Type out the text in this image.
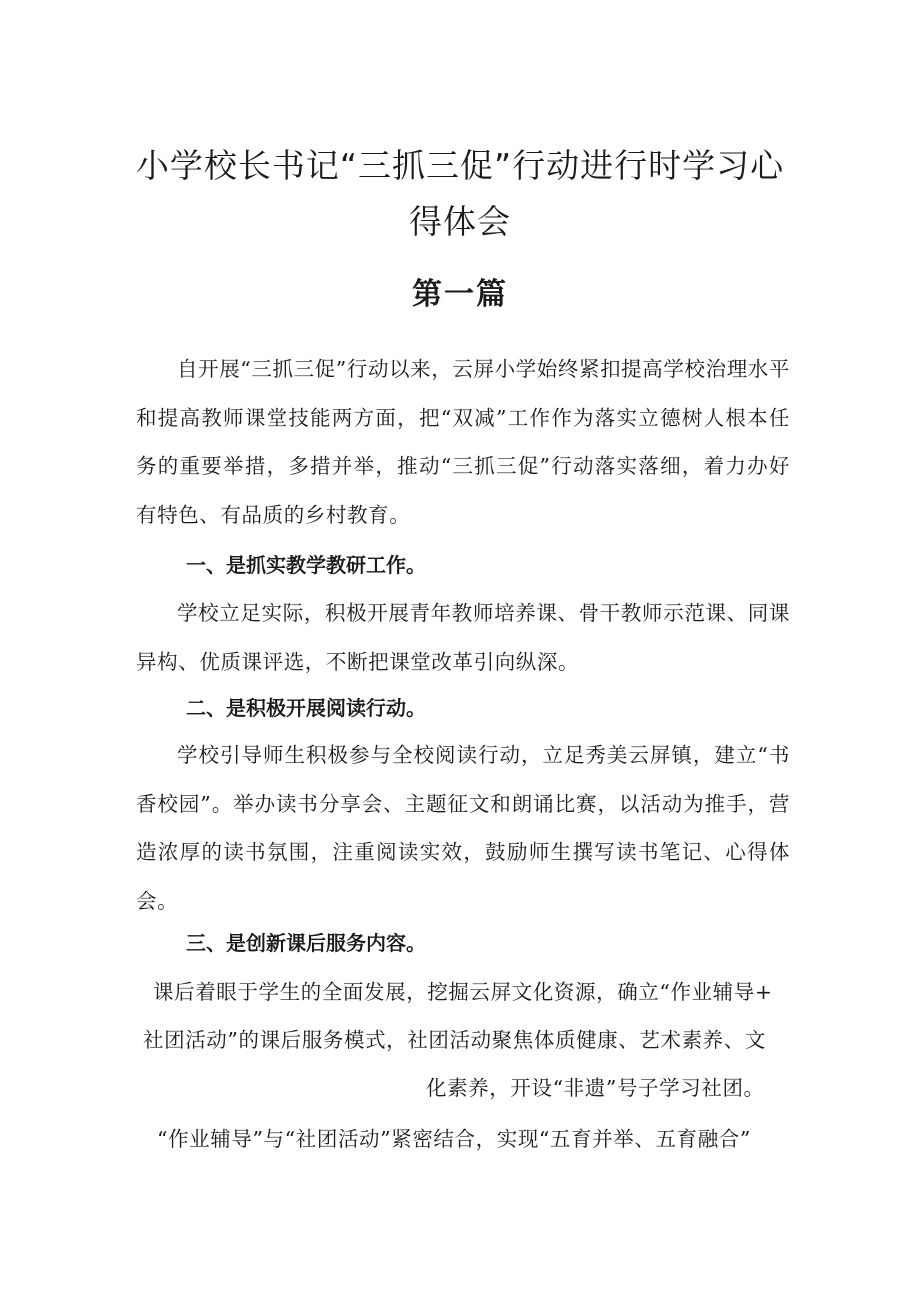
小学校长书记“三抓三促”行动进行时学习心得体会
第一篇
自开展“三抓三促”行动以来，云屏小学始终紧扣提高学校治理水平和提高教师课堂技能两方面，把“双减”工作作为落实立德树人根本任务的重要举措，多措并举，推动“三抓三促”行动落实落细，着力办好有特色、有品质的乡村教育。
一、是抓实教学教研工作。
学校立足实际，积极开展青年教师培养课、骨干教师示范课、同课异构、优质课评选，不断把课堂改革引向纵深。
二、是积极开展阅读行动。
学校引导师生积极参与全校阅读行动，立足秀美云屏镇，建立“书香校园”。举办读书分享会、主题征文和朗诵比赛，以活动为推手，营造浓厚的读书氛围，注重阅读实效，鼓励师生撰写读书笔记、心得体会。
三、是创新课后服务内容。
课后着眼于学生的全面发展，挖掘云屏文化资源，确立“作业辅导+
社团活动”的课后服务模式，社团活动聚焦体质健康、艺术素养、文
化素养，开设“非遗”号子学习社团。
“作业辅导”与“社团活动”紧密结合，实现“五育并举、五育融合”
